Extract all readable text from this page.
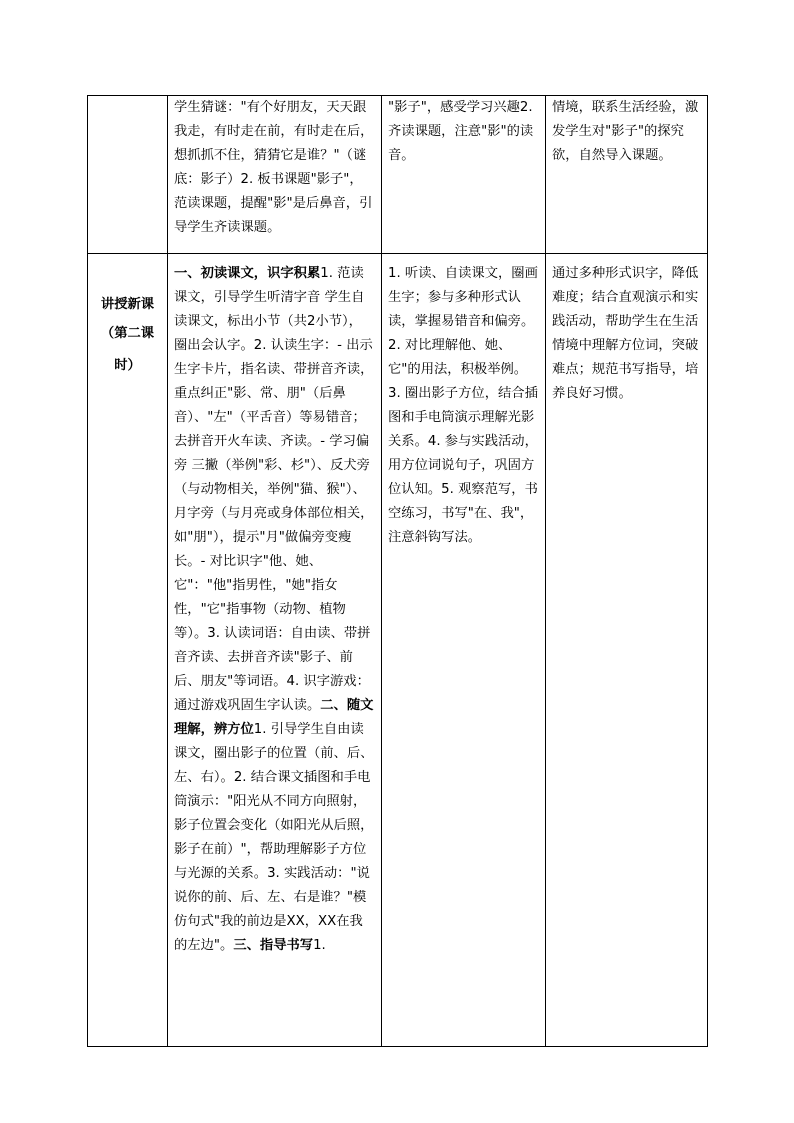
	学生猜谜："有个好朋友，天天跟我走，有时走在前，有时走在后，想抓抓不住，猜猜它是谁？"（谜底：影子）2. 板书课题"影子"，范读课题，提醒"影"是后鼻音，引导学生齐读课题。	"影子"，感受学习兴趣2. 齐读课题，注意"影"的读音。	情境，联系生活经验，激发学生对"影子"的探究欲，自然导入课题。

讲授新课
（第二课时）	一、初读课文，识字积累1. 范读课文，引导学生听清字音 学生自读课文，标出小节（共2小节），圈出会认字。2. 认读生字：- 出示生字卡片，指名读、带拼音齐读，重点纠正"影、常、朋"（后鼻音）、"左"（平舌音）等易错音；去拼音开火车读、齐读。- 学习偏旁 三撇（举例"彩、杉"）、反犬旁（与动物相关，举例"猫、猴"）、月字旁（与月亮或身体部位相关，如"朋"），提示"月"做偏旁变瘦长。- 对比识字"他、她、它"："他"指男性，"她"指女性，"它"指事物（动物、植物等）。3. 认读词语：自由读、带拼音齐读、去拼音齐读"影子、前后、朋友"等词语。4. 识字游戏：通过游戏巩固生字认读。二、随文理解，辨方位1. 引导学生自由读课文，圈出影子的位置（前、后、左、右）。2. 结合课文插图和手电筒演示："阳光从不同方向照射，影子位置会变化（如阳光从后照，影子在前）"，帮助理解影子方位与光源的关系。3. 实践活动："说说你的前、后、左、右是谁？"模仿句式"我的前边是XX，XX在我的左边"。三、指导书写1.	1. 听读、自读课文，圈画生字；参与多种形式认读，掌握易错音和偏旁。2. 对比理解他、她、它"的用法，积极举例。3. 圈出影子方位，结合插图和手电筒演示理解光影关系。4. 参与实践活动，用方位词说句子，巩固方位认知。5. 观察范写，书空练习，书写"在、我"，注意斜钩写法。	通过多种形式识字，降低难度；结合直观演示和实践活动，帮助学生在生活情境中理解方位词，突破难点；规范书写指导，培养良好习惯。
